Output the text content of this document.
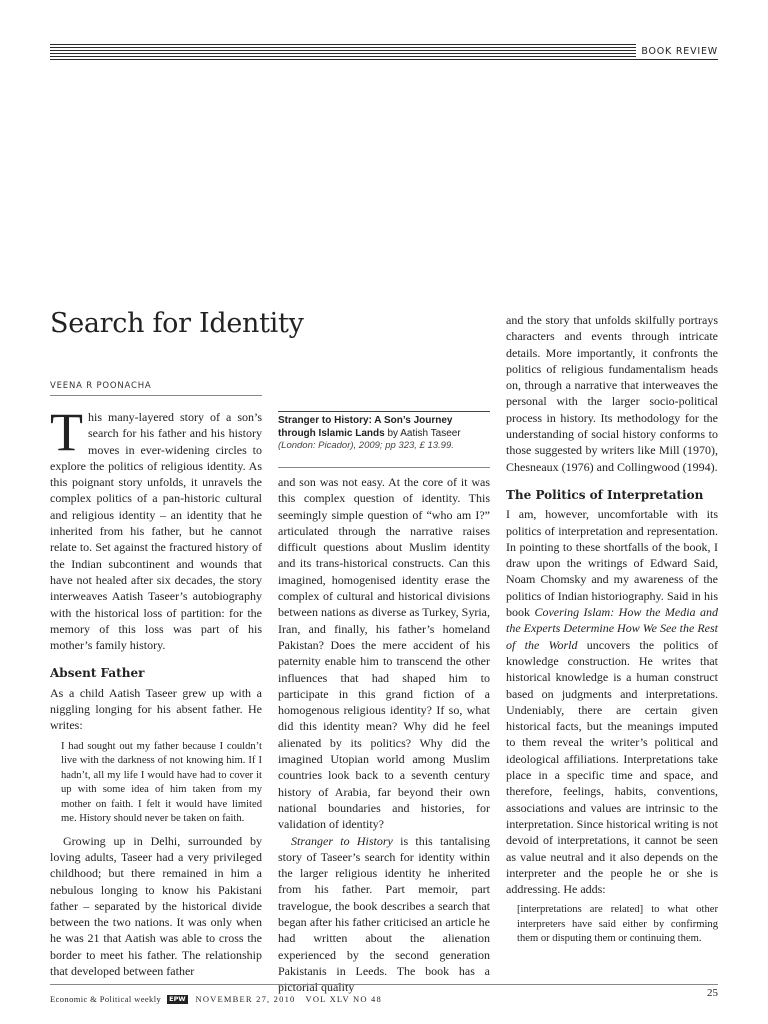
BOOK REVIEW
Search for Identity
VEENA R POONACHA

This many-layered story of a son’s search for his father and his history moves in ever-widening circles to explore the politics of religious identity. As this poignant story unfolds, it unravels the complex politics of a pan-historic cultural and religious identity – an identity that he inherited from his father, but he cannot relate to. Set against the fractured history of the Indian subcontinent and wounds that have not healed after six decades, the story interweaves Aatish Taseer’s autobiography with the historical loss of partition: for the memory of this loss was part of his mother’s family history.

Absent Father

As a child Aatish Taseer grew up with a niggling longing for his absent father. He writes:

I had sought out my father because I couldn’t live with the darkness of not knowing him. If I hadn’t, all my life I would have had to cover it up with some idea of him taken from my mother on faith. I felt it would have limited me. History should never be taken on faith.

Growing up in Delhi, surrounded by loving adults, Taseer had a very privileged childhood; but there remained in him a nebulous longing to know his Pakistani father – separated by the historical divide between the two nations. It was only when he was 21 that Aatish was able to cross the border to meet his father. The relationship that developed between father

Stranger to History: A Son’s Journey through Islamic Lands by Aatish Taseer (London: Picador), 2009; pp 323, £ 13.99.

and son was not easy. At the core of it was this complex question of identity. This seemingly simple question of “who am I?” articulated through the narrative raises difficult questions about Muslim identity and its trans-historical constructs. Can this imagined, homogenised identity erase the complex of cultural and historical divisions between nations as diverse as Turkey, Syria, Iran, and finally, his father’s homeland Pakistan? Does the mere accident of his paternity enable him to transcend the other influences that had shaped him to participate in this grand fiction of a homogenous religious identity? If so, what did this identity mean? Why did he feel alienated by its politics? Why did the imagined Utopian world among Muslim countries look back to a seventh century history of Arabia, far beyond their own national boundaries and histories, for validation of identity?

Stranger to History is this tantalising story of Taseer’s search for identity within the larger religious identity he inherited from his father. Part memoir, part travelogue, the book describes a search that began after his father criticised an article he had written about the alienation experienced by the second generation Pakistanis in Leeds. The book has a pictorial quality

and the story that unfolds skilfully portrays characters and events through intricate details. More importantly, it confronts the politics of religious fundamentalism heads on, through a narrative that interweaves the personal with the larger socio-political process in history. Its methodology for the understanding of social history conforms to those suggested by writers like Mill (1970), Chesneaux (1976) and Collingwood (1994).

The Politics of Interpretation

I am, however, uncomfortable with its politics of interpretation and representation. In pointing to these shortfalls of the book, I draw upon the writings of Edward Said, Noam Chomsky and my awareness of the politics of Indian historiography. Said in his book Covering Islam: How the Media and the Experts Determine How We See the Rest of the World uncovers the politics of knowledge construction. He writes that historical knowledge is a human construct based on judgments and interpretations. Undeniably, there are certain given historical facts, but the meanings imputed to them reveal the writer’s political and ideological affiliations. Interpretations take place in a specific time and space, and therefore, feelings, habits, conventions, associations and values are intrinsic to the interpretation. Since historical writing is not devoid of interpretations, it cannot be seen as value neutral and it also depends on the interpreter and the people he or she is addressing. He adds:

[interpretations are related] to what other interpreters have said either by confirming them or disputing them or continuing them.
Economic & Political weekly EPW NOVEMBER 27, 2010 VOL XLV NO 48	25
